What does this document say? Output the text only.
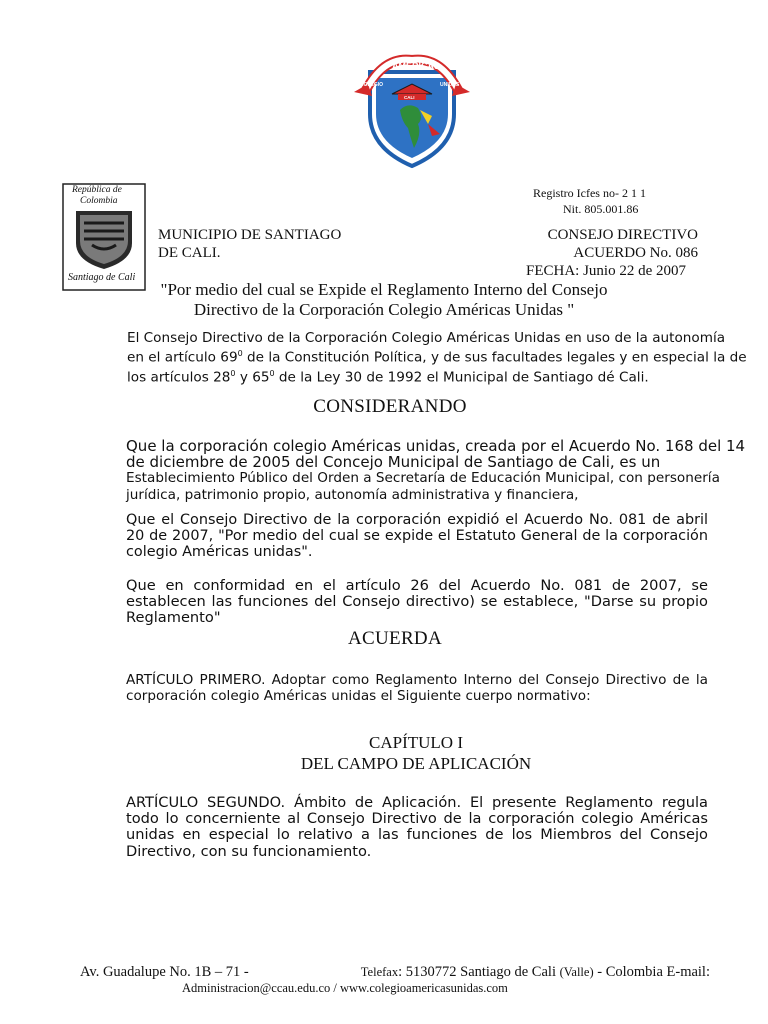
AMÉRICAS
COLEGIO	UNIDAS
CALI
República de
Colombia
Santiago de Cali
Registro Icfes no- 2 1 1
Nit. 805.001.86
MUNICIPIO DE SANTIAGO
DE CALI.
CONSEJO DIRECTIVO
ACUERDO No. 086
FECHA: Junio 22 de 2007
"Por medio del cual se Expide el Reglamento Interno del Consejo
Directivo de la Corporación Colegio Américas Unidas "
El Consejo Directivo de la Corporación Colegio Américas Unidas en uso de la autonomía
en el artículo $69^0$ de la Constitución Política, y de sus facultades legales y en especial la de
los artículos $28^0$ y $65^0$ de la Ley 30 de 1992 el Municipal de Santiago dé Cali.
CONSIDERANDO
Que la corporación colegio Américas unidas, creada por el Acuerdo No. 168 del 14
de diciembre de 2005 del Concejo Municipal de Santiago de Cali, es un
Establecimiento Público del Orden a Secretaría de Educación Municipal, con personería
jurídica, patrimonio propio, autonomía administrativa y financiera,
Que el Consejo Directivo de la corporación expidió el Acuerdo No. 081 de abril 20 de 2007, "Por medio del cual se expide el Estatuto General de la corporación colegio Américas unidas".
Que en conformidad en el artículo 26 del Acuerdo No. 081 de 2007, se establecen las funciones del Consejo directivo) se establece, "Darse su propio Reglamento"
ACUERDA
ARTÍCULO PRIMERO. Adoptar como Reglamento Interno del Consejo Directivo de la corporación colegio Américas unidas el Siguiente cuerpo normativo:
CAPÍTULO I
DEL CAMPO DE APLICACIÓN
ARTÍCULO SEGUNDO. Ámbito de Aplicación. El presente Reglamento regula todo lo concerniente al Consejo Directivo de la corporación colegio Américas unidas en especial lo relativo a las funciones de los Miembros del Consejo Directivo, con su funcionamiento.
Av. Guadalupe No. 1B – 71 -	Telefax: 5130772 Santiago de Cali (Valle) - Colombia E-mail:
Administracion@ccau.edu.co / www.colegioamericasunidas.com
